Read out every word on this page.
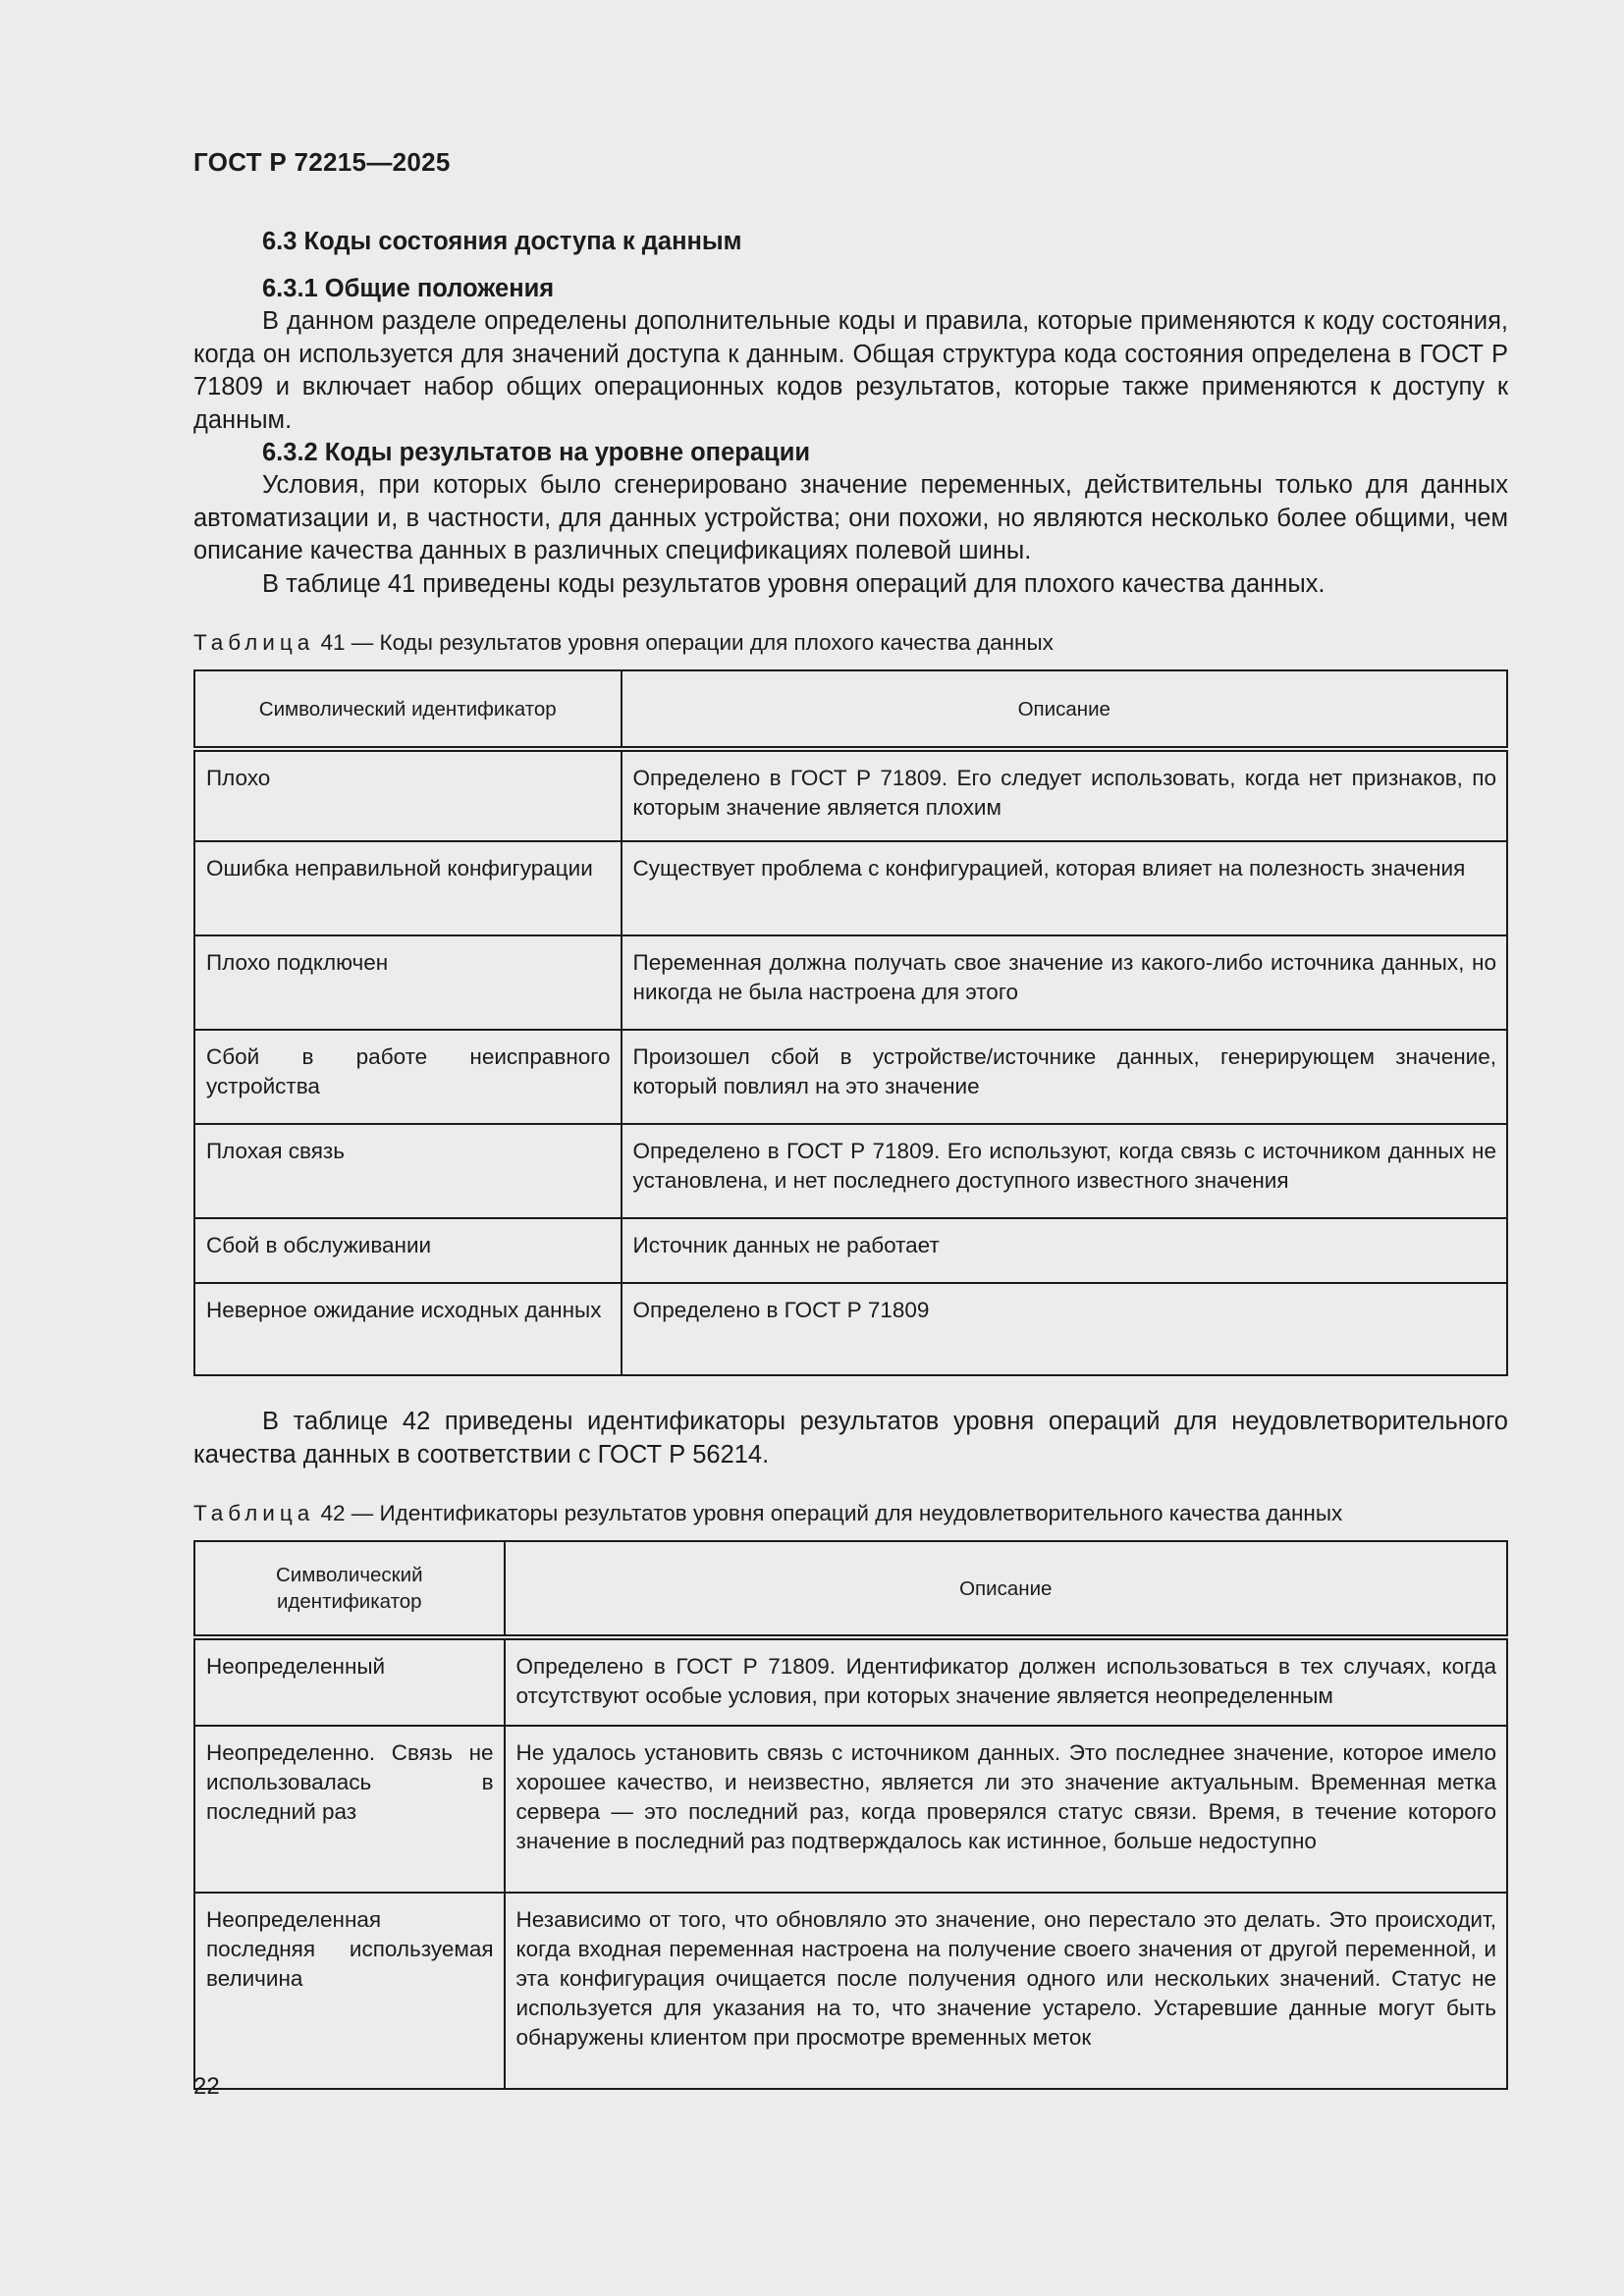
ГОСТ Р 72215—2025
6.3 Коды состояния доступа к данным
6.3.1 Общие положения

В данном разделе определены дополнительные коды и правила, которые применяются к коду состояния, когда он используется для значений доступа к данным. Общая структура кода состояния определена в ГОСТ Р 71809 и включает набор общих операционных кодов результатов, которые также применяются к доступу к данным.

6.3.2 Коды результатов на уровне операции

Условия, при которых было сгенерировано значение переменных, действительны только для данных автоматизации и, в частности, для данных устройства; они похожи, но являются несколько более общими, чем описание качества данных в различных спецификациях полевой шины.

В таблице 41 приведены коды результатов уровня операций для плохого качества данных.

Таблица 41 — Коды результатов уровня операции для плохого качества данных
Символический идентификатор	Описание
Плохо	Определено в ГОСТ Р 71809. Его следует использовать, когда нет признаков, по которым значение является плохим
Ошибка неправильной конфигурации	Существует проблема с конфигурацией, которая влияет на полезность значения
Плохо подключен	Переменная должна получать свое значение из какого-либо источника данных, но никогда не была настроена для этого
Сбой в работе неисправного устройства	Произошел сбой в устройстве/источнике данных, генерирующем значение, который повлиял на это значение
Плохая связь	Определено в ГОСТ Р 71809. Его используют, когда связь с источником данных не установлена, и нет последнего доступного известного значения
Сбой в обслуживании	Источник данных не работает
Неверное ожидание исходных данных	Определено в ГОСТ Р 71809

В таблице 42 приведены идентификаторы результатов уровня операций для неудовлетворительного качества данных в соответствии с ГОСТ Р 56214.

Таблица 42 — Идентификаторы результатов уровня операций для неудовлетворительного качества данных
Символический идентификатор	Описание
Неопределенный	Определено в ГОСТ Р 71809. Идентификатор должен использоваться в тех случаях, когда отсутствуют особые условия, при которых значение является неопределенным
Неопределенно. Связь не использовалась в последний раз	Не удалось установить связь с источником данных. Это последнее значение, которое имело хорошее качество, и неизвестно, является ли это значение актуальным. Временная метка сервера — это последний раз, когда проверялся статус связи. Время, в течение которого значение в последний раз подтверждалось как истинное, больше недоступно
Неопределенная последняя используемая величина	Независимо от того, что обновляло это значение, оно перестало это делать. Это происходит, когда входная переменная настроена на получение своего значения от другой переменной, и эта конфигурация очищается после получения одного или нескольких значений. Статус не используется для указания на то, что значение устарело. Устаревшие данные могут быть обнаружены клиентом при просмотре временных меток
22
